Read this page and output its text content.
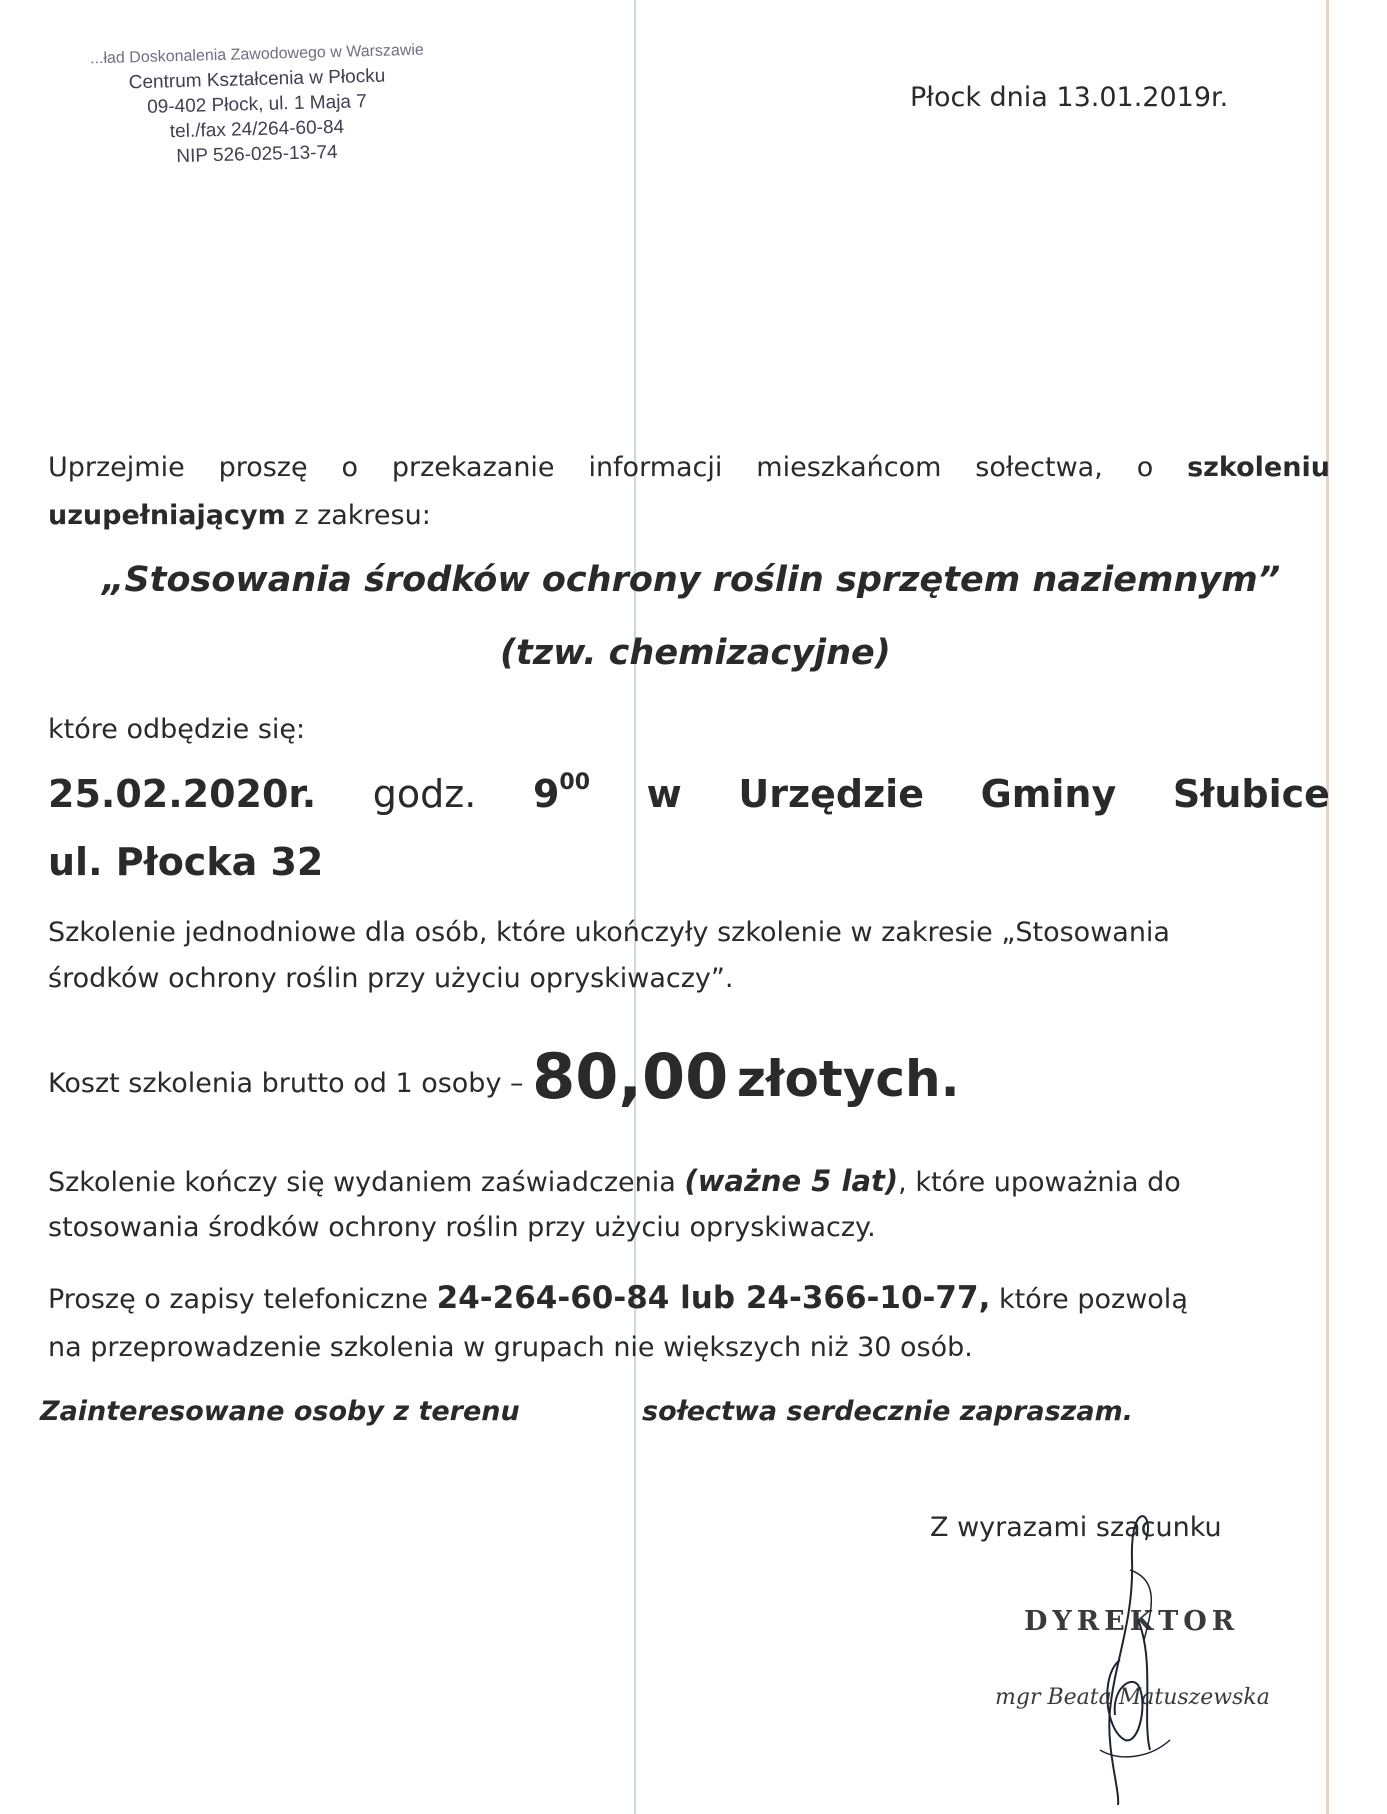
...ład Doskonalenia Zawodowego w Warszawie
Centrum Kształcenia w Płocku
09-402 Płock, ul. 1 Maja 7
tel./fax 24/264-60-84
NIP 526-025-13-74
Płock dnia 13.01.2019r.
Uprzejmie proszę o przekazanie informacji mieszkańcom sołectwa, o szkoleniu
uzupełniającym z zakresu:
„Stosowania środków ochrony roślin sprzętem naziemnym”
(tzw. chemizacyjne)
które odbędzie się:
25.02.2020r. godz. $9^{00}$ w Urzędzie Gminy Słubice
ul. Płocka 32
Szkolenie jednodniowe dla osób, które ukończyły szkolenie w zakresie „Stosowania
środków ochrony roślin przy użyciu opryskiwaczy”.
Koszt szkolenia brutto od 1 osoby – 80,00 złotych.
Szkolenie kończy się wydaniem zaświadczenia (ważne 5 lat), które upoważnia do
stosowania środków ochrony roślin przy użyciu opryskiwaczy.
Proszę o zapisy telefoniczne 24-264-60-84 lub 24-366-10-77, które pozwolą
na przeprowadzenie szkolenia w grupach nie większych niż 30 osób.
Zainteresowane osoby z terenu	sołectwa serdecznie zapraszam.
Z wyrazami szacunku
DYREKTOR
mgr Beata Matuszewska
